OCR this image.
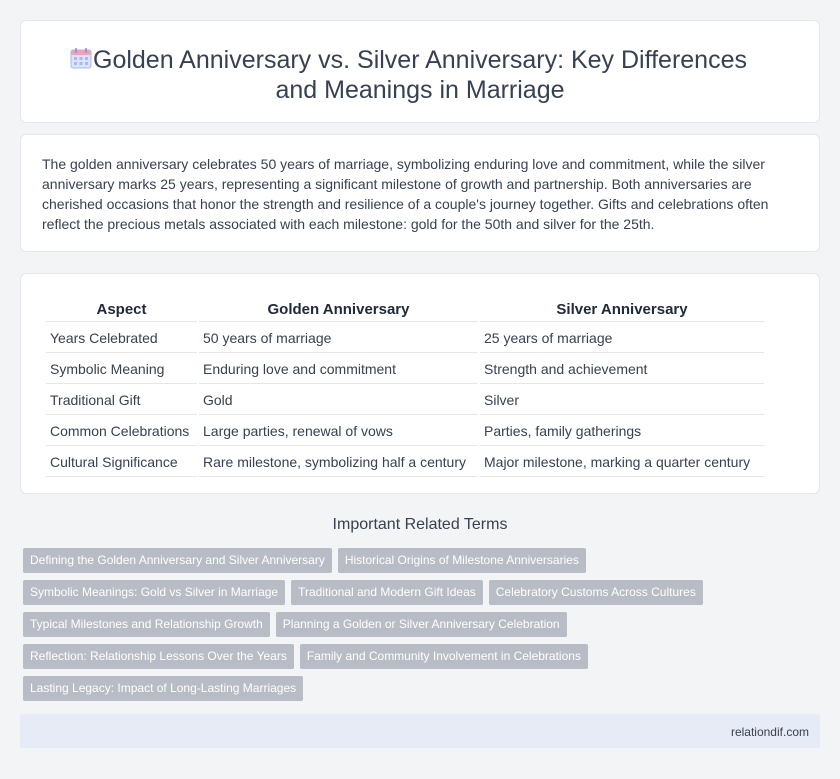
Golden Anniversary vs. Silver Anniversary: Key Differences and Meanings in Marriage

The golden anniversary celebrates 50 years of marriage, symbolizing enduring love and commitment, while the silver anniversary marks 25 years, representing a significant milestone of growth and partnership. Both anniversaries are cherished occasions that honor the strength and resilience of a couple's journey together. Gifts and celebrations often reflect the precious metals associated with each milestone: gold for the 50th and silver for the 25th.

Aspect	Golden Anniversary	Silver Anniversary
Years Celebrated	50 years of marriage	25 years of marriage
Symbolic Meaning	Enduring love and commitment	Strength and achievement
Traditional Gift	Gold	Silver
Common Celebrations	Large parties, renewal of vows	Parties, family gatherings
Cultural Significance	Rare milestone, symbolizing half a century	Major milestone, marking a quarter century
Important Related Terms
Defining the Golden Anniversary and Silver Anniversary	Historical Origins of Milestone Anniversaries
Symbolic Meanings: Gold vs Silver in Marriage	Traditional and Modern Gift Ideas	Celebratory Customs Across Cultures
Typical Milestones and Relationship Growth	Planning a Golden or Silver Anniversary Celebration
Reflection: Relationship Lessons Over the Years	Family and Community Involvement in Celebrations
Lasting Legacy: Impact of Long-Lasting Marriages
relationdif.com
